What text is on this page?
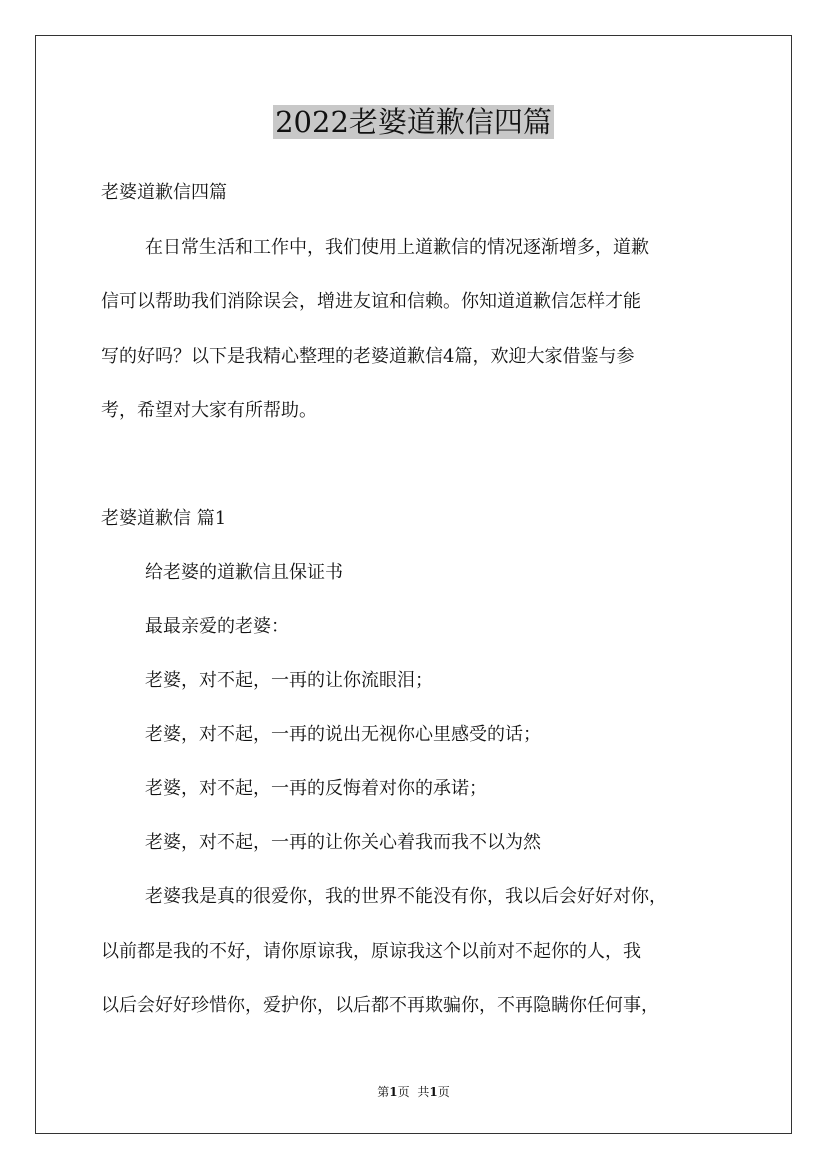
2022老婆道歉信四篇

老婆道歉信四篇

在日常生活和工作中，我们使用上道歉信的情况逐渐增多，道歉

信可以帮助我们消除误会，增进友谊和信赖。你知道道歉信怎样才能

写的好吗？以下是我精心整理的老婆道歉信4篇，欢迎大家借鉴与参

考，希望对大家有所帮助。

老婆道歉信 篇1

给老婆的道歉信且保证书

最最亲爱的老婆：

老婆，对不起，一再的让你流眼泪；

老婆，对不起，一再的说出无视你心里感受的话；

老婆，对不起，一再的反悔着对你的承诺；

老婆，对不起，一再的让你关心着我而我不以为然

老婆我是真的很爱你，我的世界不能没有你，我以后会好好对你，

以前都是我的不好，请你原谅我，原谅我这个以前对不起你的人，我

以后会好好珍惜你，爱护你，以后都不再欺骗你，不再隐瞒你任何事，

第1页 共1页
